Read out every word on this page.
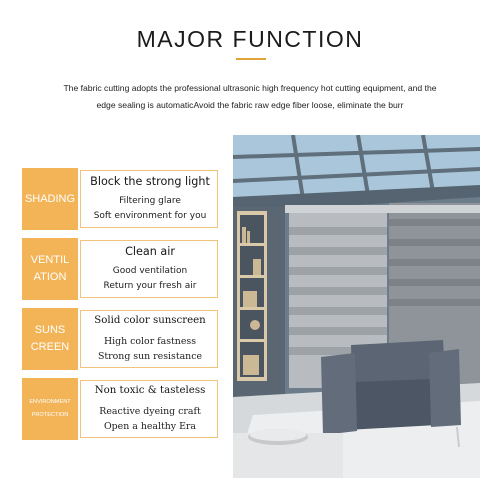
MAJOR FUNCTION
The fabric cutting adopts the professional ultrasonic high frequency hot cutting equipment, and the
edge sealing is automaticAvoid the fabric raw edge fiber loose, eliminate the burr
SHADING
Block the strong light
Filtering glare
Soft environment for you
VENTIL
ATION
Clean air
Good ventilation
Return your fresh air
SUNS
CREEN
Solid color sunscreen
High color fastness
Strong sun resistance
ENVIRONMENT
PROTECTION
Non toxic & tasteless
Reactive dyeing craft
Open a healthy Era
